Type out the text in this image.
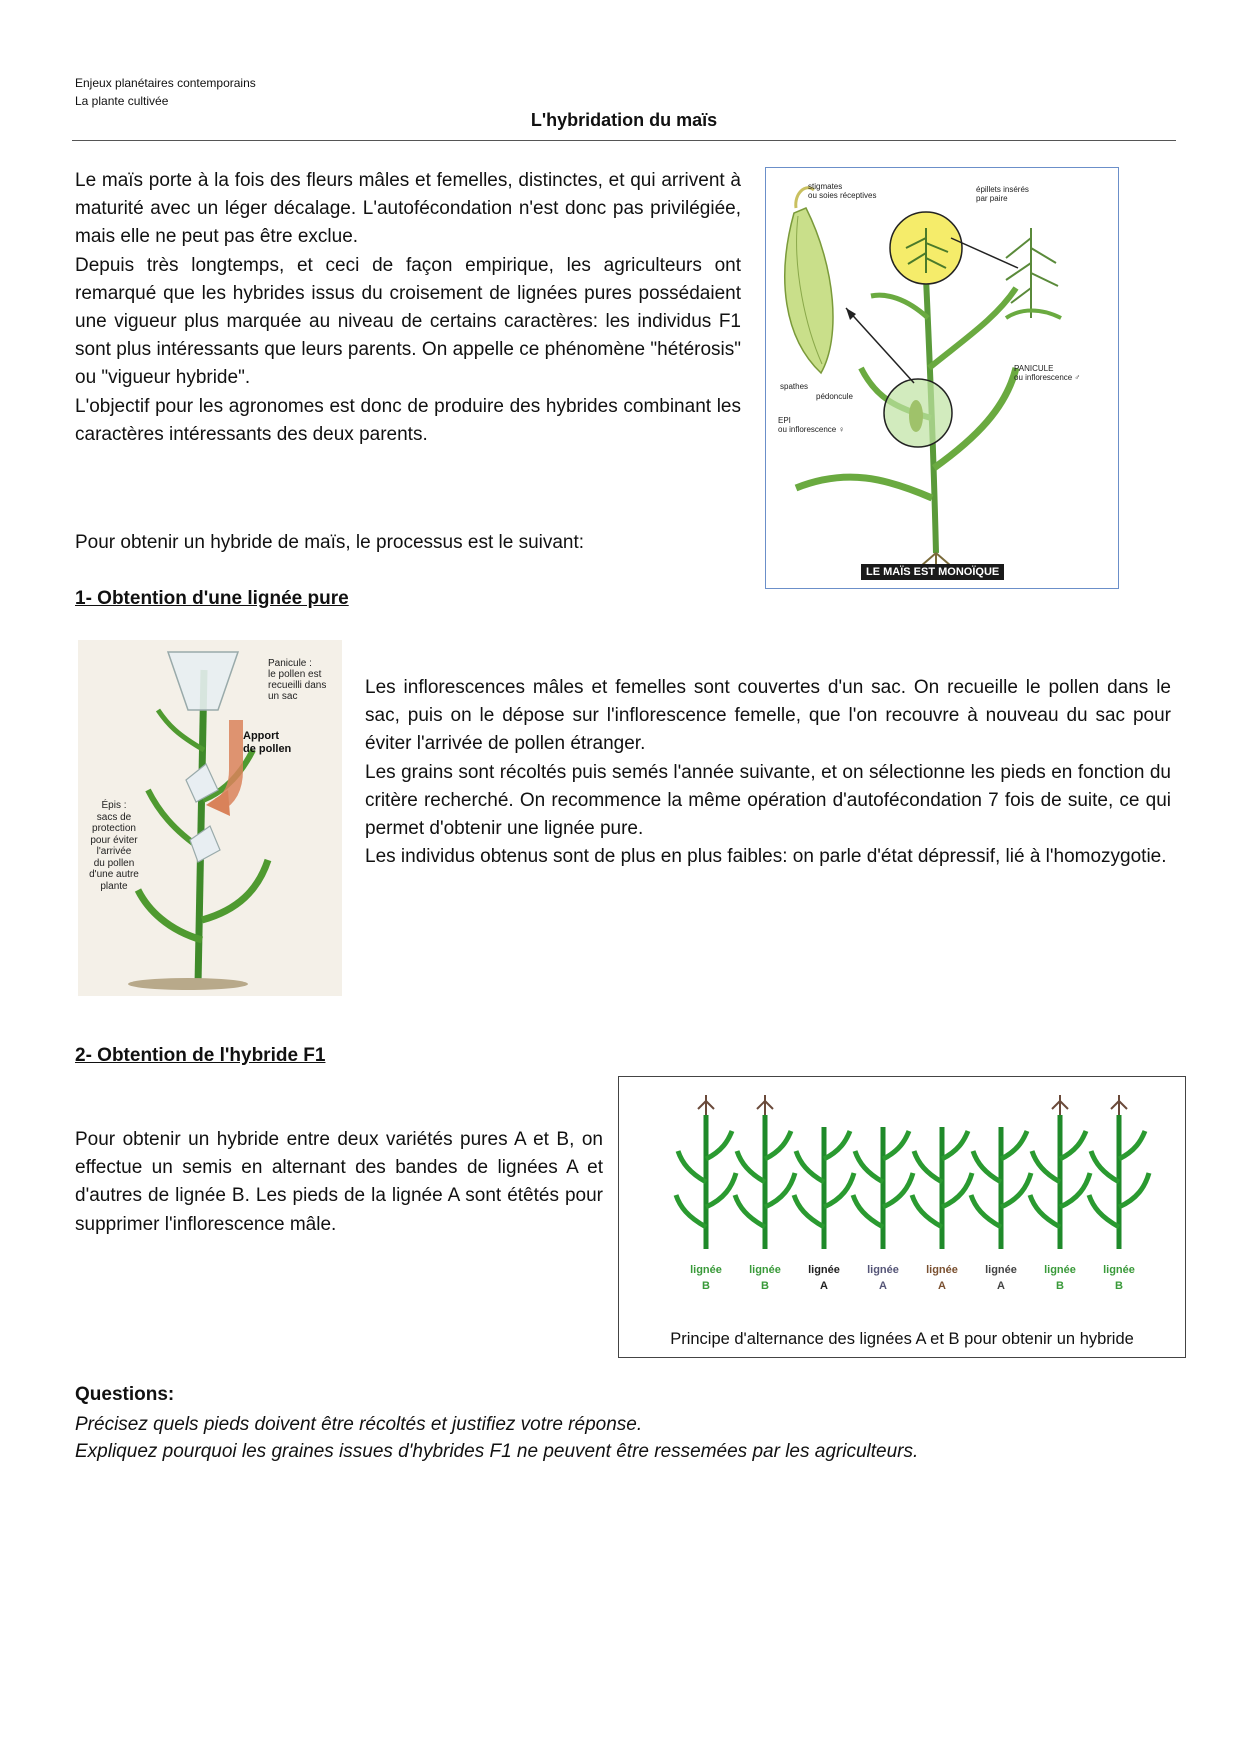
Enjeux planétaires contemporains
La plante cultivée
L'hybridation du maïs

Le maïs porte à la fois des fleurs mâles et femelles, distinctes, et qui arrivent à maturité avec un léger décalage. L'autofécondation n'est donc pas privilégiée, mais elle ne peut pas être exclue.

Depuis très longtemps, et ceci de façon empirique, les agriculteurs ont remarqué que les hybrides issus du croisement de lignées pures possédaient une vigueur plus marquée au niveau de certains caractères: les individus F1 sont plus intéressants que leurs parents. On appelle ce phénomène "hétérosis" ou "vigueur hybride".

L'objectif pour les agronomes est donc de produire des hybrides combinant les caractères intéressants des deux parents.

Pour obtenir un hybride de maïs, le processus est le suivant:
stigmates
ou soies réceptives
épillets insérés
par paire
spathes
pédoncule
EPI
ou inflorescence ♀
PANICULE
ou inflorescence ♂
LE MAÏS EST MONOÏQUE
1- Obtention d'une lignée pure
Panicule :
le pollen est
recueilli dans
un sac
Apport
de pollen
Épis :
sacs de
protection
pour éviter
l'arrivée
du pollen
d'une autre
plante

Les inflorescences mâles et femelles sont couvertes d'un sac. On recueille le pollen dans le sac, puis on le dépose sur l'inflorescence femelle, que l'on recouvre à nouveau du sac pour éviter l'arrivée de pollen étranger.

Les grains sont récoltés puis semés l'année suivante, et on sélectionne les pieds en fonction du critère recherché. On recommence la même opération d'autofécondation 7 fois de suite, ce qui permet d'obtenir une lignée pure.

Les individus obtenus sont de plus en plus faibles: on parle d'état dépressif, lié à l'homozygotie.

2- Obtention de l'hybride F1

Pour obtenir un hybride entre deux variétés pures A et B, on effectue un semis en alternant des bandes de lignées A et d'autres de lignée B. Les pieds de la lignée A sont étêtés pour supprimer l'inflorescence mâle.

lignée
B
lignée
B
lignée
A
lignée
A
lignée
A
lignée
A
lignée
B
lignée
B
Principe d'alternance des lignées A et B pour obtenir un hybride
Questions:
Précisez quels pieds doivent être récoltés et justifiez votre réponse.
Expliquez pourquoi les graines issues d'hybrides F1 ne peuvent être ressemées par les agriculteurs.
